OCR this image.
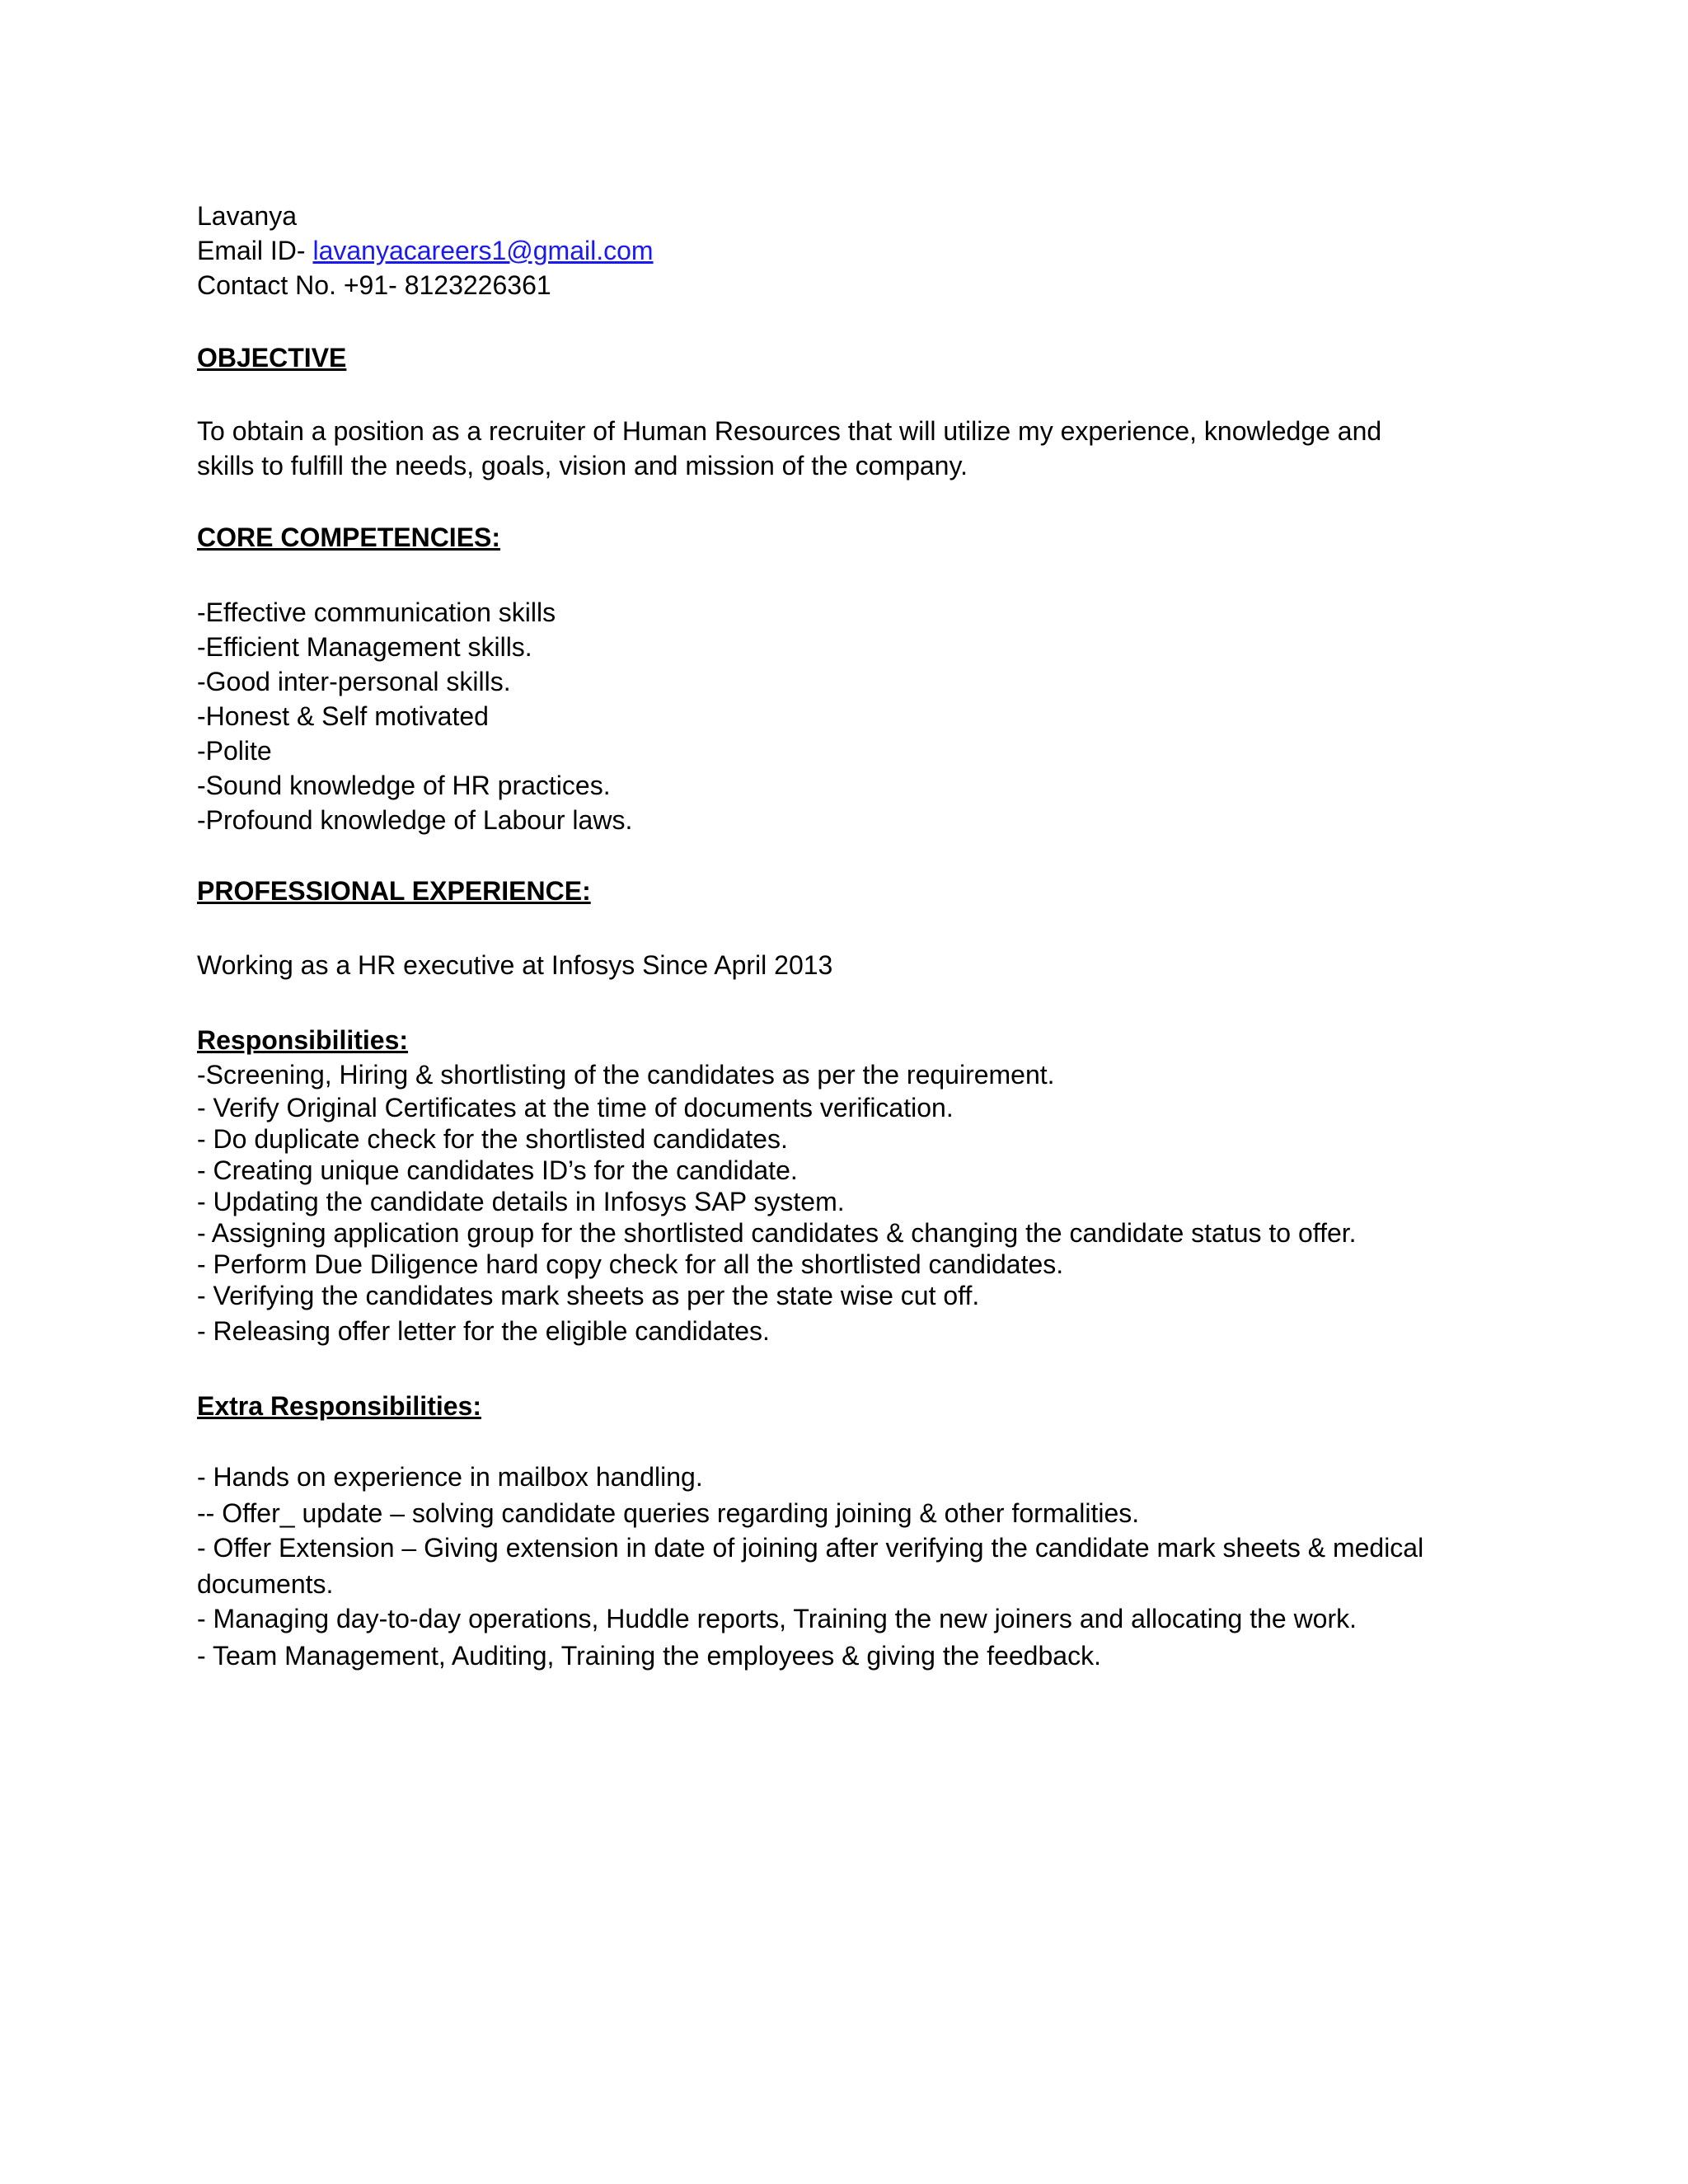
Lavanya
Email ID- lavanyacareers1@gmail.com
Contact No. +91- 8123226361
OBJECTIVE
To obtain a position as a recruiter of Human Resources that will utilize my experience, knowledge and
skills to fulfill the needs, goals, vision and mission of the company.
CORE COMPETENCIES:
-Effective communication skills
-Efficient Management skills.
-Good inter-personal skills.
-Honest & Self motivated
-Polite
-Sound knowledge of HR practices.
-Profound knowledge of Labour laws.
PROFESSIONAL EXPERIENCE:
Working as a HR executive at Infosys Since April 2013
Responsibilities:
-Screening, Hiring & shortlisting of the candidates as per the requirement.
- Verify Original Certificates at the time of documents verification.
- Do duplicate check for the shortlisted candidates.
- Creating unique candidates ID’s for the candidate.
- Updating the candidate details in Infosys SAP system.
- Assigning application group for the shortlisted candidates & changing the candidate status to offer.
- Perform Due Diligence hard copy check for all the shortlisted candidates.
- Verifying the candidates mark sheets as per the state wise cut off.
- Releasing offer letter for the eligible candidates.
Extra Responsibilities:
- Hands on experience in mailbox handling.
-- Offer_ update – solving candidate queries regarding joining & other formalities.
- Offer Extension – Giving extension in date of joining after verifying the candidate mark sheets & medical
documents.
- Managing day-to-day operations, Huddle reports, Training the new joiners and allocating the work.
- Team Management, Auditing, Training the employees & giving the feedback.
